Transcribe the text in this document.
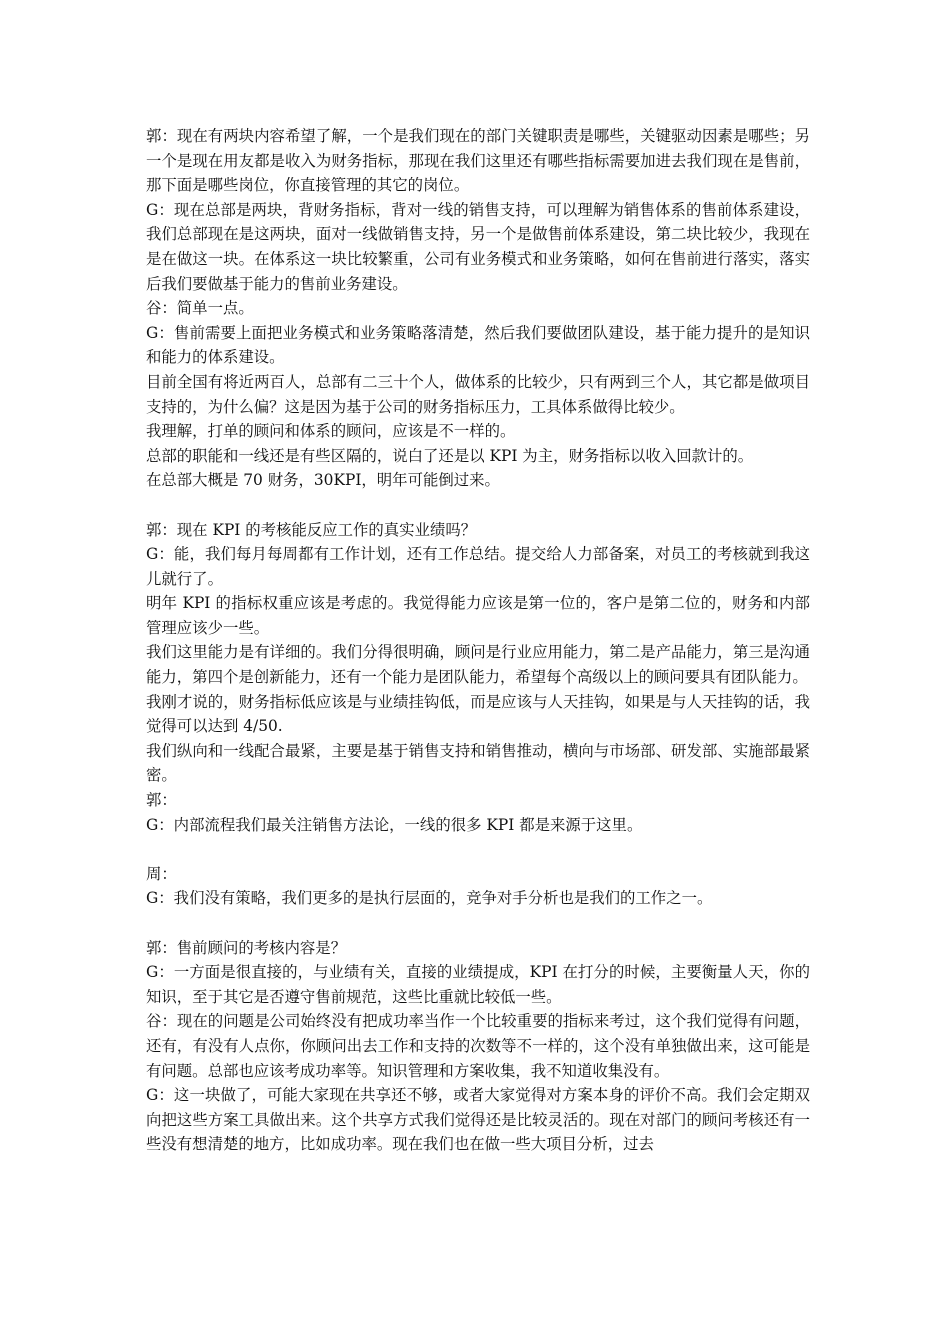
郭：现在有两块内容希望了解，一个是我们现在的部门关键职责是哪些，关键驱动因素是哪些；另一个是现在用友都是收入为财务指标，那现在我们这里还有哪些指标需要加进去我们现在是售前，那下面是哪些岗位，你直接管理的其它的岗位。

G：现在总部是两块，背财务指标，背对一线的销售支持，可以理解为销售体系的售前体系建设，我们总部现在是这两块，面对一线做销售支持，另一个是做售前体系建设，第二块比较少，我现在是在做这一块。在体系这一块比较繁重，公司有业务模式和业务策略，如何在售前进行落实，落实后我们要做基于能力的售前业务建设。

谷：简单一点。

G：售前需要上面把业务模式和业务策略落清楚，然后我们要做团队建设，基于能力提升的是知识和能力的体系建设。

目前全国有将近两百人，总部有二三十个人，做体系的比较少，只有两到三个人，其它都是做项目支持的，为什么偏？这是因为基于公司的财务指标压力，工具体系做得比较少。

我理解，打单的顾问和体系的顾问，应该是不一样的。

总部的职能和一线还是有些区隔的，说白了还是以 KPI 为主，财务指标以收入回款计的。

在总部大概是 70 财务，30KPI，明年可能倒过来。

郭：现在 KPI 的考核能反应工作的真实业绩吗？

G：能，我们每月每周都有工作计划，还有工作总结。提交给人力部备案，对员工的考核就到我这儿就行了。

明年 KPI 的指标权重应该是考虑的。我觉得能力应该是第一位的，客户是第二位的，财务和内部管理应该少一些。

我们这里能力是有详细的。我们分得很明确，顾问是行业应用能力，第二是产品能力，第三是沟通能力，第四个是创新能力，还有一个能力是团队能力，希望每个高级以上的顾问要具有团队能力。

我刚才说的，财务指标低应该是与业绩挂钩低，而是应该与人天挂钩，如果是与人天挂钩的话，我觉得可以达到 4/50.

我们纵向和一线配合最紧，主要是基于销售支持和销售推动，横向与市场部、研发部、实施部最紧密。

郭：

G：内部流程我们最关注销售方法论，一线的很多 KPI 都是来源于这里。

周：

G：我们没有策略，我们更多的是执行层面的，竞争对手分析也是我们的工作之一。

郭：售前顾问的考核内容是？

G：一方面是很直接的，与业绩有关，直接的业绩提成，KPI 在打分的时候，主要衡量人天，你的知识，至于其它是否遵守售前规范，这些比重就比较低一些。

谷：现在的问题是公司始终没有把成功率当作一个比较重要的指标来考过，这个我们觉得有问题，还有，有没有人点你，你顾问出去工作和支持的次数等不一样的，这个没有单独做出来，这可能是有问题。总部也应该考成功率等。知识管理和方案收集，我不知道收集没有。

G：这一块做了，可能大家现在共享还不够，或者大家觉得对方案本身的评价不高。我们会定期双向把这些方案工具做出来。这个共享方式我们觉得还是比较灵活的。现在对部门的顾问考核还有一些没有想清楚的地方，比如成功率。现在我们也在做一些大项目分析，过去
